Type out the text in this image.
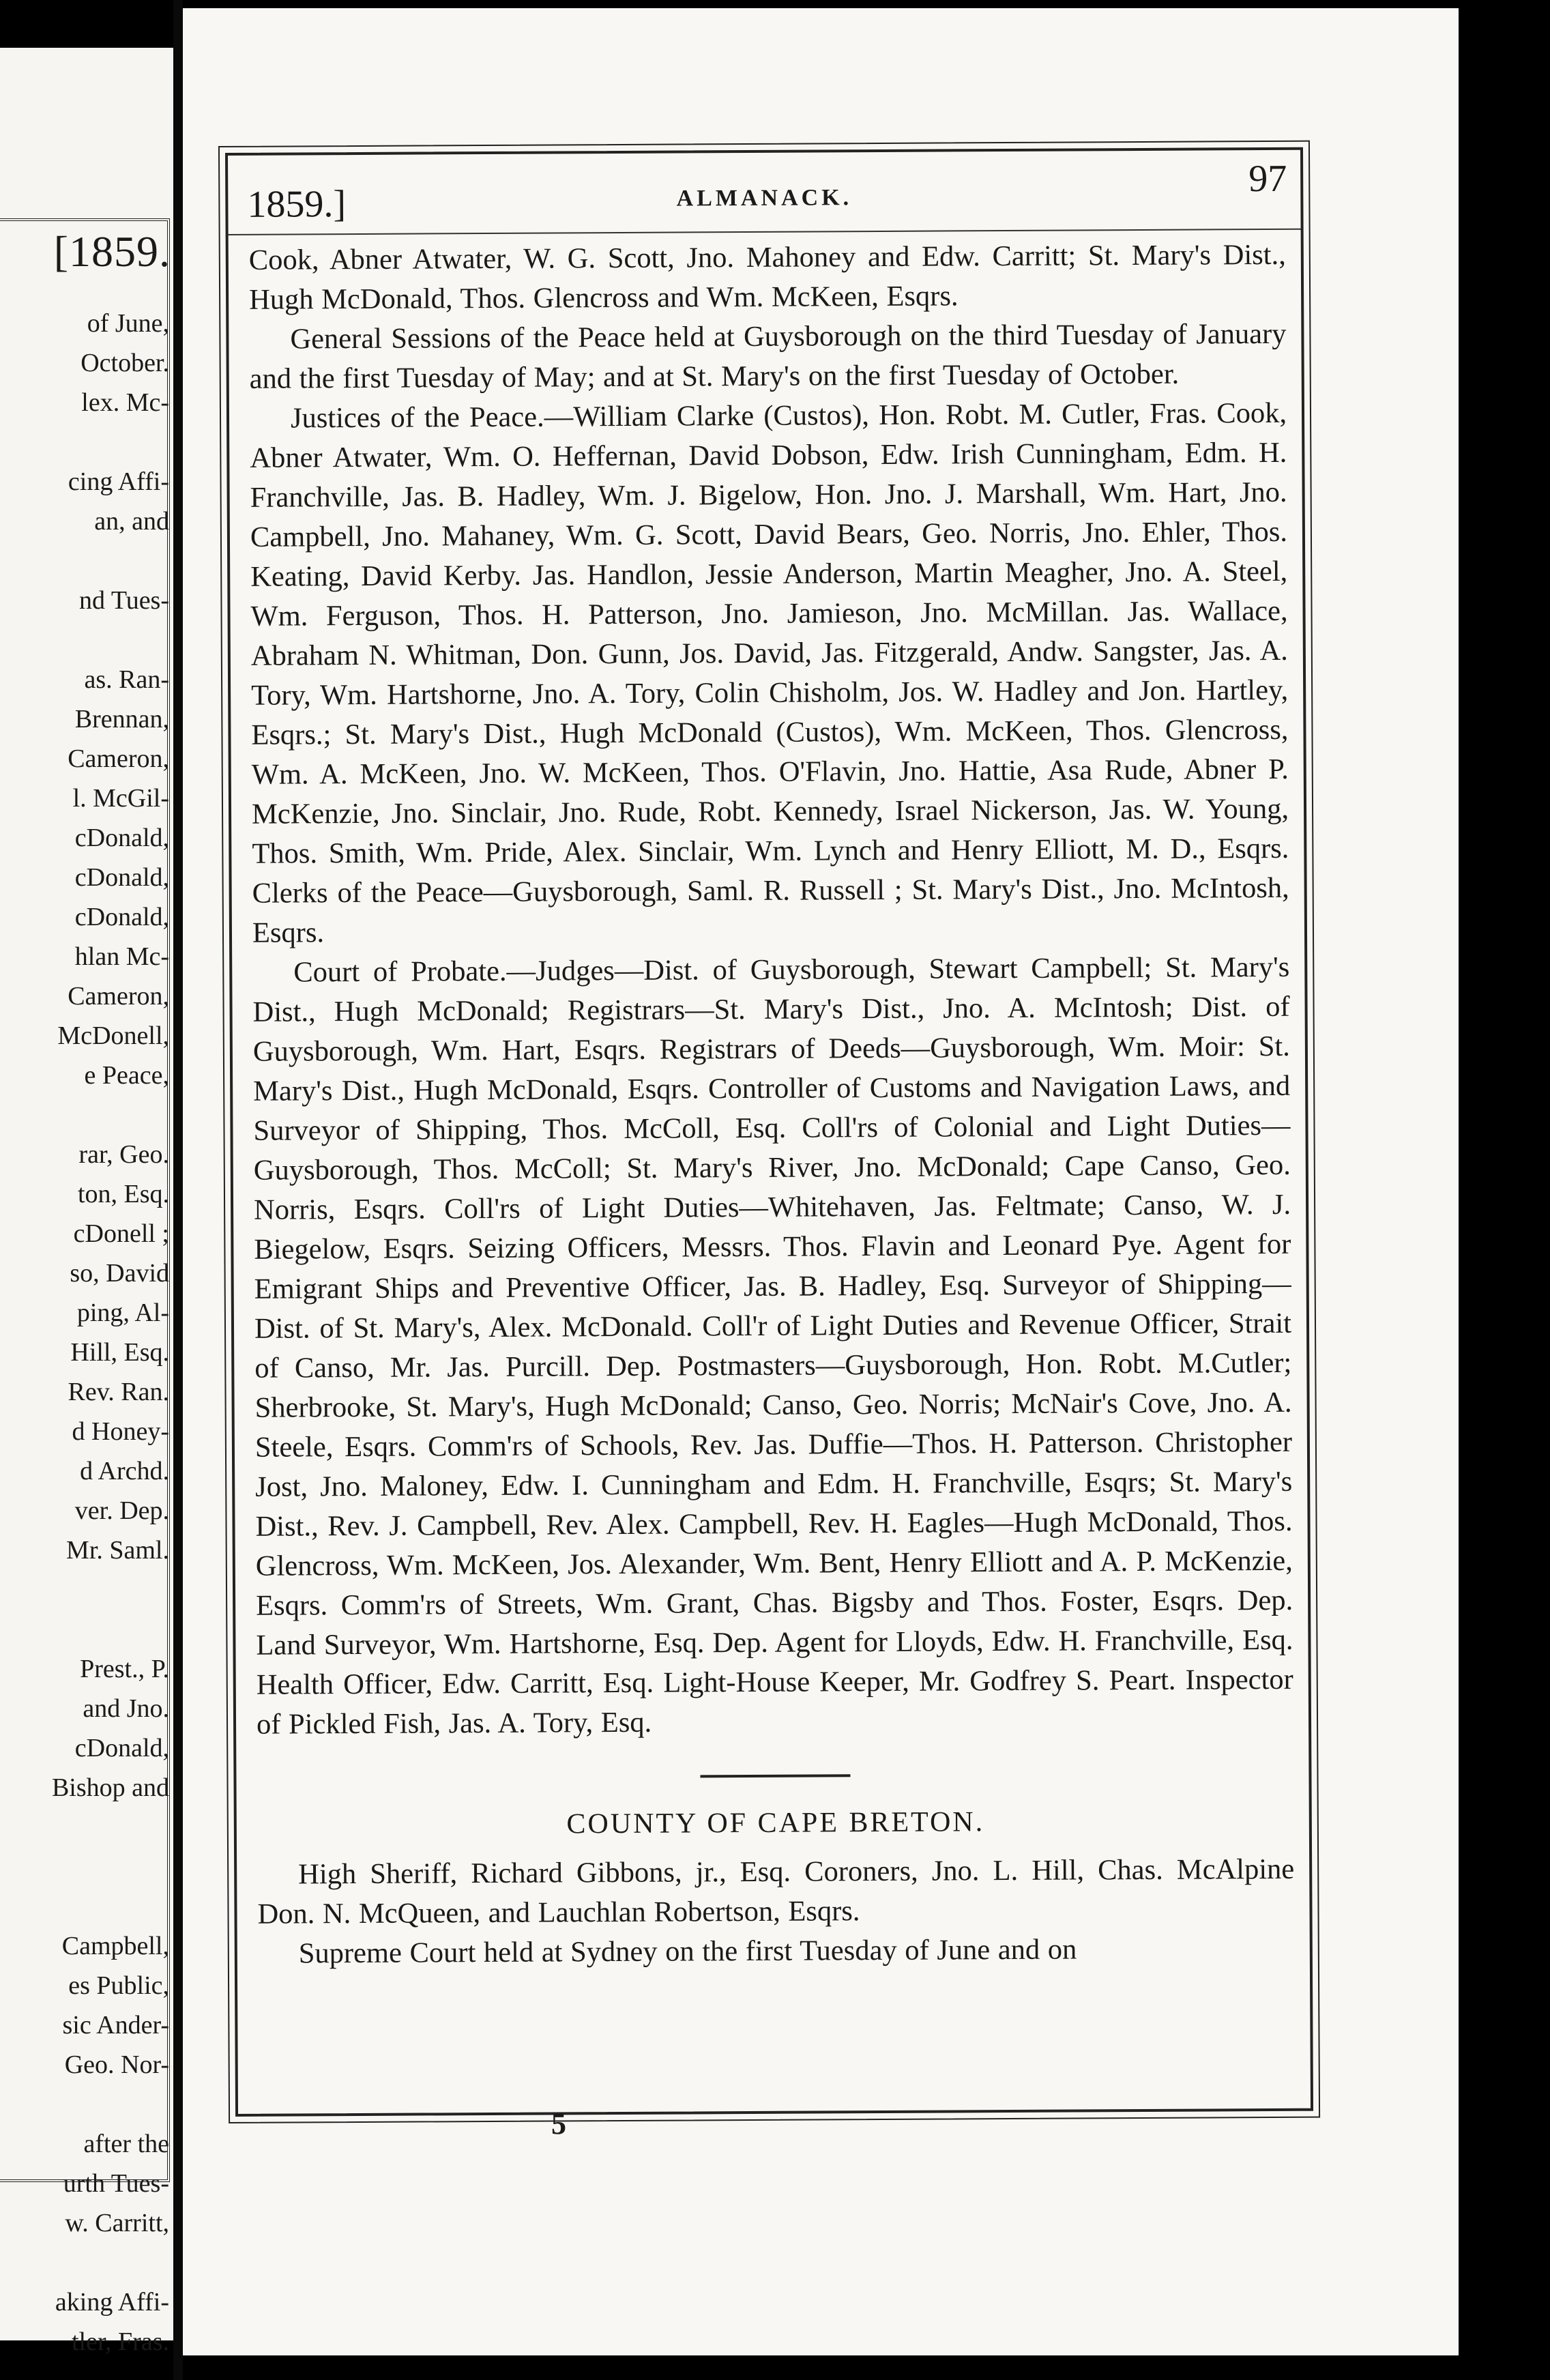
[1859.
of June,
October.
lex. Mc-
cing Affi-
an, and
nd Tues-
as. Ran-
Brennan,
Cameron,
l. McGil-
cDonald,
cDonald,
cDonald,
hlan Mc-
Cameron,
McDonell,
e Peace,
rar, Geo.
ton, Esq.
cDonell ;
so, David
ping, Al-
Hill, Esq.
Rev. Ran.
d Honey-
d Archd.
ver. Dep.
Mr. Saml.
Prest., P.
and Jno.
cDonald,
Bishop and
Campbell,
es Public,
sic Ander-
Geo. Nor-
after the
urth Tues-
w. Carritt,
aking Affi-
tler, Fras.
1859.]	ALMANACK.	97

Cook, Abner Atwater, W. G. Scott, Jno. Mahoney and Edw. Carritt; St. Mary's Dist., Hugh McDonald, Thos. Glencross and Wm. McKeen, Esqrs.

General Sessions of the Peace held at Guysborough on the third Tuesday of January and the first Tuesday of May; and at St. Mary's on the first Tuesday of October.

Justices of the Peace.—William Clarke (Custos), Hon. Robt. M. Cutler, Fras. Cook, Abner Atwater, Wm. O. Heffernan, David Dobson, Edw. Irish Cunningham, Edm. H. Franchville, Jas. B. Hadley, Wm. J. Bigelow, Hon. Jno. J. Marshall, Wm. Hart, Jno. Campbell, Jno. Mahaney, Wm. G. Scott, David Bears, Geo. Norris, Jno. Ehler, Thos. Keating, David Kerby. Jas. Handlon, Jessie Anderson, Martin Meagher, Jno. A. Steel, Wm. Ferguson, Thos. H. Patterson, Jno. Jamieson, Jno. McMillan. Jas. Wallace, Abraham N. Whitman, Don. Gunn, Jos. David, Jas. Fitzgerald, Andw. Sangster, Jas. A. Tory, Wm. Hartshorne, Jno. A. Tory, Colin Chisholm, Jos. W. Hadley and Jon. Hartley, Esqrs.; St. Mary's Dist., Hugh McDonald (Custos), Wm. McKeen, Thos. Glencross, Wm. A. McKeen, Jno. W. McKeen, Thos. O'Flavin, Jno. Hattie, Asa Rude, Abner P. McKenzie, Jno. Sinclair, Jno. Rude, Robt. Kennedy, Israel Nickerson, Jas. W. Young, Thos. Smith, Wm. Pride, Alex. Sinclair, Wm. Lynch and Henry Elliott, M. D., Esqrs. Clerks of the Peace—Guysborough, Saml. R. Russell ; St. Mary's Dist., Jno. McIntosh, Esqrs.

Court of Probate.—Judges—Dist. of Guysborough, Stewart Campbell; St. Mary's Dist., Hugh McDonald; Registrars—St. Mary's Dist., Jno. A. McIntosh; Dist. of Guysborough, Wm. Hart, Esqrs. Registrars of Deeds—Guysborough, Wm. Moir: St. Mary's Dist., Hugh McDonald, Esqrs. Controller of Customs and Navigation Laws, and Surveyor of Shipping, Thos. McColl, Esq. Coll'rs of Colonial and Light Duties—Guysborough, Thos. McColl; St. Mary's River, Jno. McDonald; Cape Canso, Geo. Norris, Esqrs. Coll'rs of Light Duties—Whitehaven, Jas. Feltmate; Canso, W. J. Biegelow, Esqrs. Seizing Officers, Messrs. Thos. Flavin and Leonard Pye. Agent for Emigrant Ships and Preventive Officer, Jas. B. Hadley, Esq. Surveyor of Shipping—Dist. of St. Mary's, Alex. McDonald. Coll'r of Light Duties and Revenue Officer, Strait of Canso, Mr. Jas. Purcill. Dep. Postmasters—Guysborough, Hon. Robt. M.Cutler; Sherbrooke, St. Mary's, Hugh McDonald; Canso, Geo. Norris; McNair's Cove, Jno. A. Steele, Esqrs. Comm'rs of Schools, Rev. Jas. Duffie—Thos. H. Patterson. Christopher Jost, Jno. Maloney, Edw. I. Cunningham and Edm. H. Franchville, Esqrs; St. Mary's Dist., Rev. J. Campbell, Rev. Alex. Campbell, Rev. H. Eagles—Hugh McDonald, Thos. Glencross, Wm. McKeen, Jos. Alexander, Wm. Bent, Henry Elliott and A. P. McKenzie, Esqrs. Comm'rs of Streets, Wm. Grant, Chas. Bigsby and Thos. Foster, Esqrs. Dep. Land Surveyor, Wm. Hartshorne, Esq. Dep. Agent for Lloyds, Edw. H. Franchville, Esq. Health Officer, Edw. Carritt, Esq. Light-House Keeper, Mr. Godfrey S. Peart. Inspector of Pickled Fish, Jas. A. Tory, Esq.

COUNTY OF CAPE BRETON.

High Sheriff, Richard Gibbons, jr., Esq. Coroners, Jno. L. Hill, Chas. McAlpine Don. N. McQueen, and Lauchlan Robertson, Esqrs.

Supreme Court held at Sydney on the first Tuesday of June and on

5
